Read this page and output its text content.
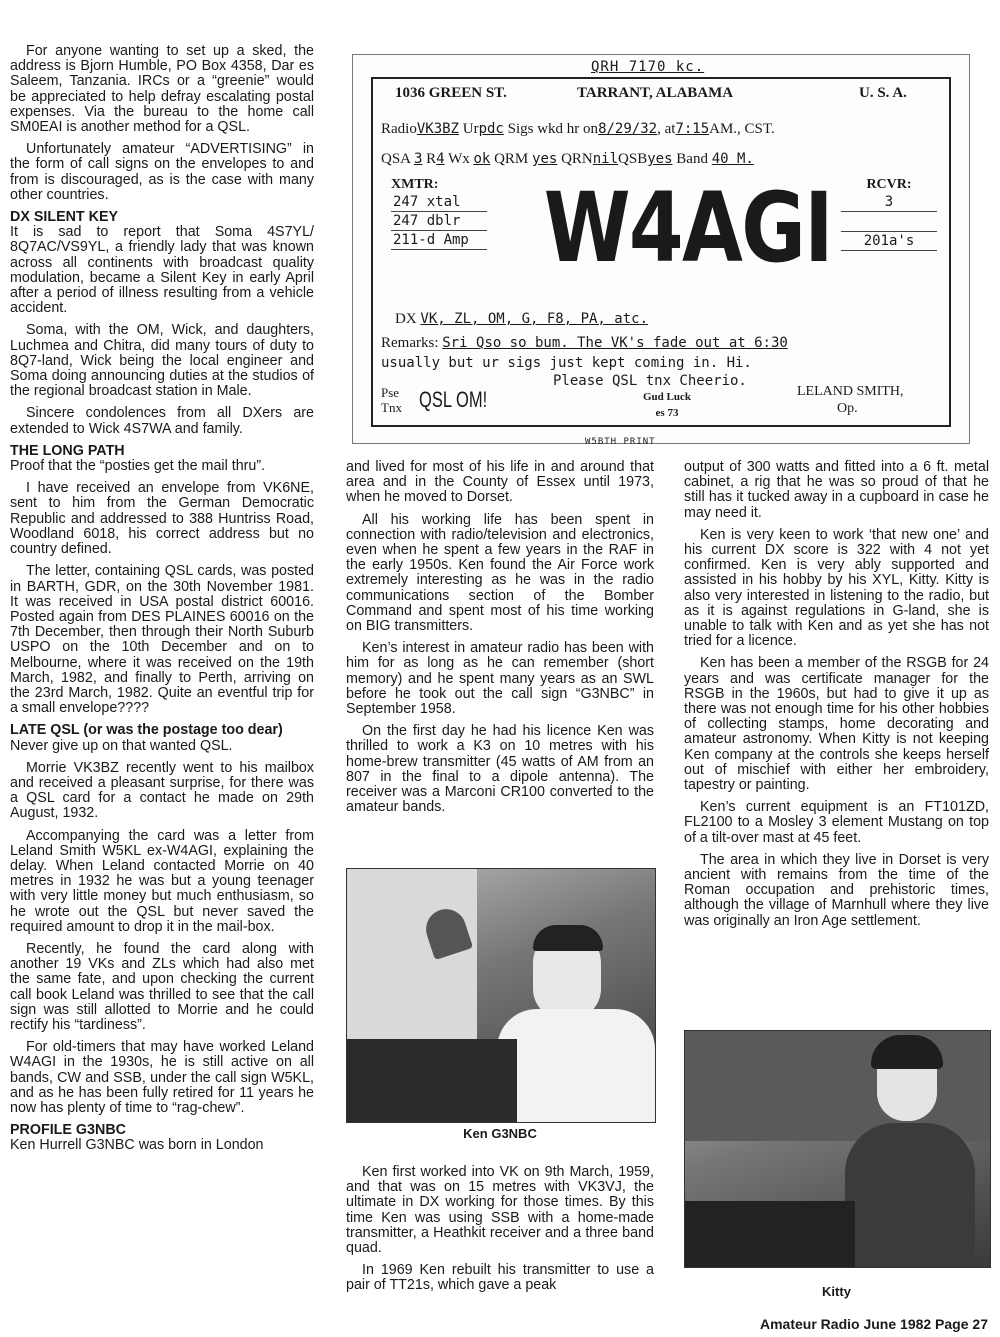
For anyone wanting to set up a sked, the address is Bjorn Humble, PO Box 4358, Dar es Saleem, Tanzania. IRCs or a “greenie” would be appreciated to help defray escalating postal expenses. Via the bureau to the home call SM0EAI is another method for a QSL.

Unfortunately amateur “ADVERTISING” in the form of call signs on the envelopes to and from is discouraged, as is the case with many other countries.

DX SILENT KEY

It is sad to report that Soma 4S7YL/ 8Q7AC/VS9YL, a friendly lady that was known across all continents with broadcast quality modulation, became a Silent Key in early April after a period of illness resulting from a vehicle accident.

Soma, with the OM, Wick, and daughters, Luchmea and Chitra, did many tours of duty to 8Q7-land, Wick being the local engineer and Soma doing announcing duties at the studios of the regional broadcast station in Male.

Sincere condolences from all DXers are extended to Wick 4S7WA and family.

THE LONG PATH

Proof that the “posties get the mail thru”.

I have received an envelope from VK6NE, sent to him from the German Democratic Republic and addressed to 388 Huntriss Road, Woodland 6018, his correct address but no country defined.

The letter, containing QSL cards, was posted in BARTH, GDR, on the 30th November 1981. It was received in USA postal district 60016. Posted again from DES PLAINES 60016 on the 7th December, then through their North Suburb USPO on the 10th December and on to Melbourne, where it was received on the 19th March, 1982, and finally to Perth, arriving on the 23rd March, 1982. Quite an eventful trip for a small envelope????

LATE QSL (or was the postage too dear)

Never give up on that wanted QSL.

Morrie VK3BZ recently went to his mailbox and received a pleasant surprise, for there was a QSL card for a contact he made on 29th August, 1932.

Accompanying the card was a letter from Leland Smith W5KL ex-W4AGI, explaining the delay. When Leland contacted Morrie on 40 metres in 1932 he was but a young teenager with very little money but much enthusiasm, so he wrote out the QSL but never saved the required amount to drop it in the mail-box.

Recently, he found the card along with another 19 VKs and ZLs which had also met the same fate, and upon checking the current call book Leland was thrilled to see that the call sign was still allotted to Morrie and he could rectify his “tardiness”.

For old-timers that may have worked Leland W4AGI in the 1930s, he is still active on all bands, CW and SSB, under the call sign W5KL, and as he has been fully retired for 11 years he now has plenty of time to “rag-chew”.

PROFILE G3NBC

Ken Hurrell G3NBC was born in London

QRH 7170 kc.
1036 GREEN ST.	TARRANT, ALABAMA	U. S. A.
RadioVK3BZ Urpdc Sigs wkd hr on8/29/32, at7:15AM., CST.
QSA 3 R4 Wx ok QRM yes QRNnilQSByes Band 40 M.
XMTR:
247 xtal
247 dblr
211-d Amp W4AGI	RCVR:
3
201a's
DX VK, ZL, OM, G, F8, PA, atc.
Remarks: Sri Qso so bum. The VK's fade out at 6:30
usually but ur sigs just kept coming in. Hi.
Please QSL tnx Cheerio.
Pse
Tnx QSL OM!	Gud Luck
es 73
LELAND SMITH,
Op.
W5BTH PRINT

and lived for most of his life in and around that area and in the County of Essex until 1973, when he moved to Dorset.

All his working life has been spent in connection with radio/television and electronics, even when he spent a few years in the RAF in the early 1950s. Ken found the Air Force work extremely interesting as he was in the radio communications section of the Bomber Command and spent most of his time working on BIG transmitters.

Ken’s interest in amateur radio has been with him for as long as he can remember (short memory) and he spent many years as an SWL before he took out the call sign “G3NBC” in September 1958.

On the first day he had his licence Ken was thrilled to work a K3 on 10 metres with his home-brew transmitter (45 watts of AM from an 807 in the final to a dipole antenna). The receiver was a Marconi CR100 converted to the amateur bands.

Ken G3NBC

Ken first worked into VK on 9th March, 1959, and that was on 15 metres with VK3VJ, the ultimate in DX working for those times. By this time Ken was using SSB with a home-made transmitter, a Heathkit receiver and a three band quad.

In 1969 Ken rebuilt his transmitter to use a pair of TT21s, which gave a peak

output of 300 watts and fitted into a 6 ft. metal cabinet, a rig that he was so proud of that he still has it tucked away in a cupboard in case he may need it.

Ken is very keen to work ‘that new one’ and his current DX score is 322 with 4 not yet confirmed. Ken is very ably supported and assisted in his hobby by his XYL, Kitty. Kitty is also very interested in listening to the radio, but as it is against regulations in G-land, she is unable to talk with Ken and as yet she has not tried for a licence.

Ken has been a member of the RSGB for 24 years and was certificate manager for the RSGB in the 1960s, but had to give it up as there was not enough time for his other hobbies of collecting stamps, home decorating and amateur astronomy. When Kitty is not keeping Ken company at the controls she keeps herself out of mischief with either her embroidery, tapestry or painting.

Ken’s current equipment is an FT101ZD, FL2100 to a Mosley 3 element Mustang on top of a tilt-over mast at 45 feet.

The area in which they live in Dorset is very ancient with remains from the time of the Roman occupation and prehistoric times, although the village of Marnhull where they live was originally an Iron Age settlement.

Kitty
Amateur Radio June 1982 Page 27
